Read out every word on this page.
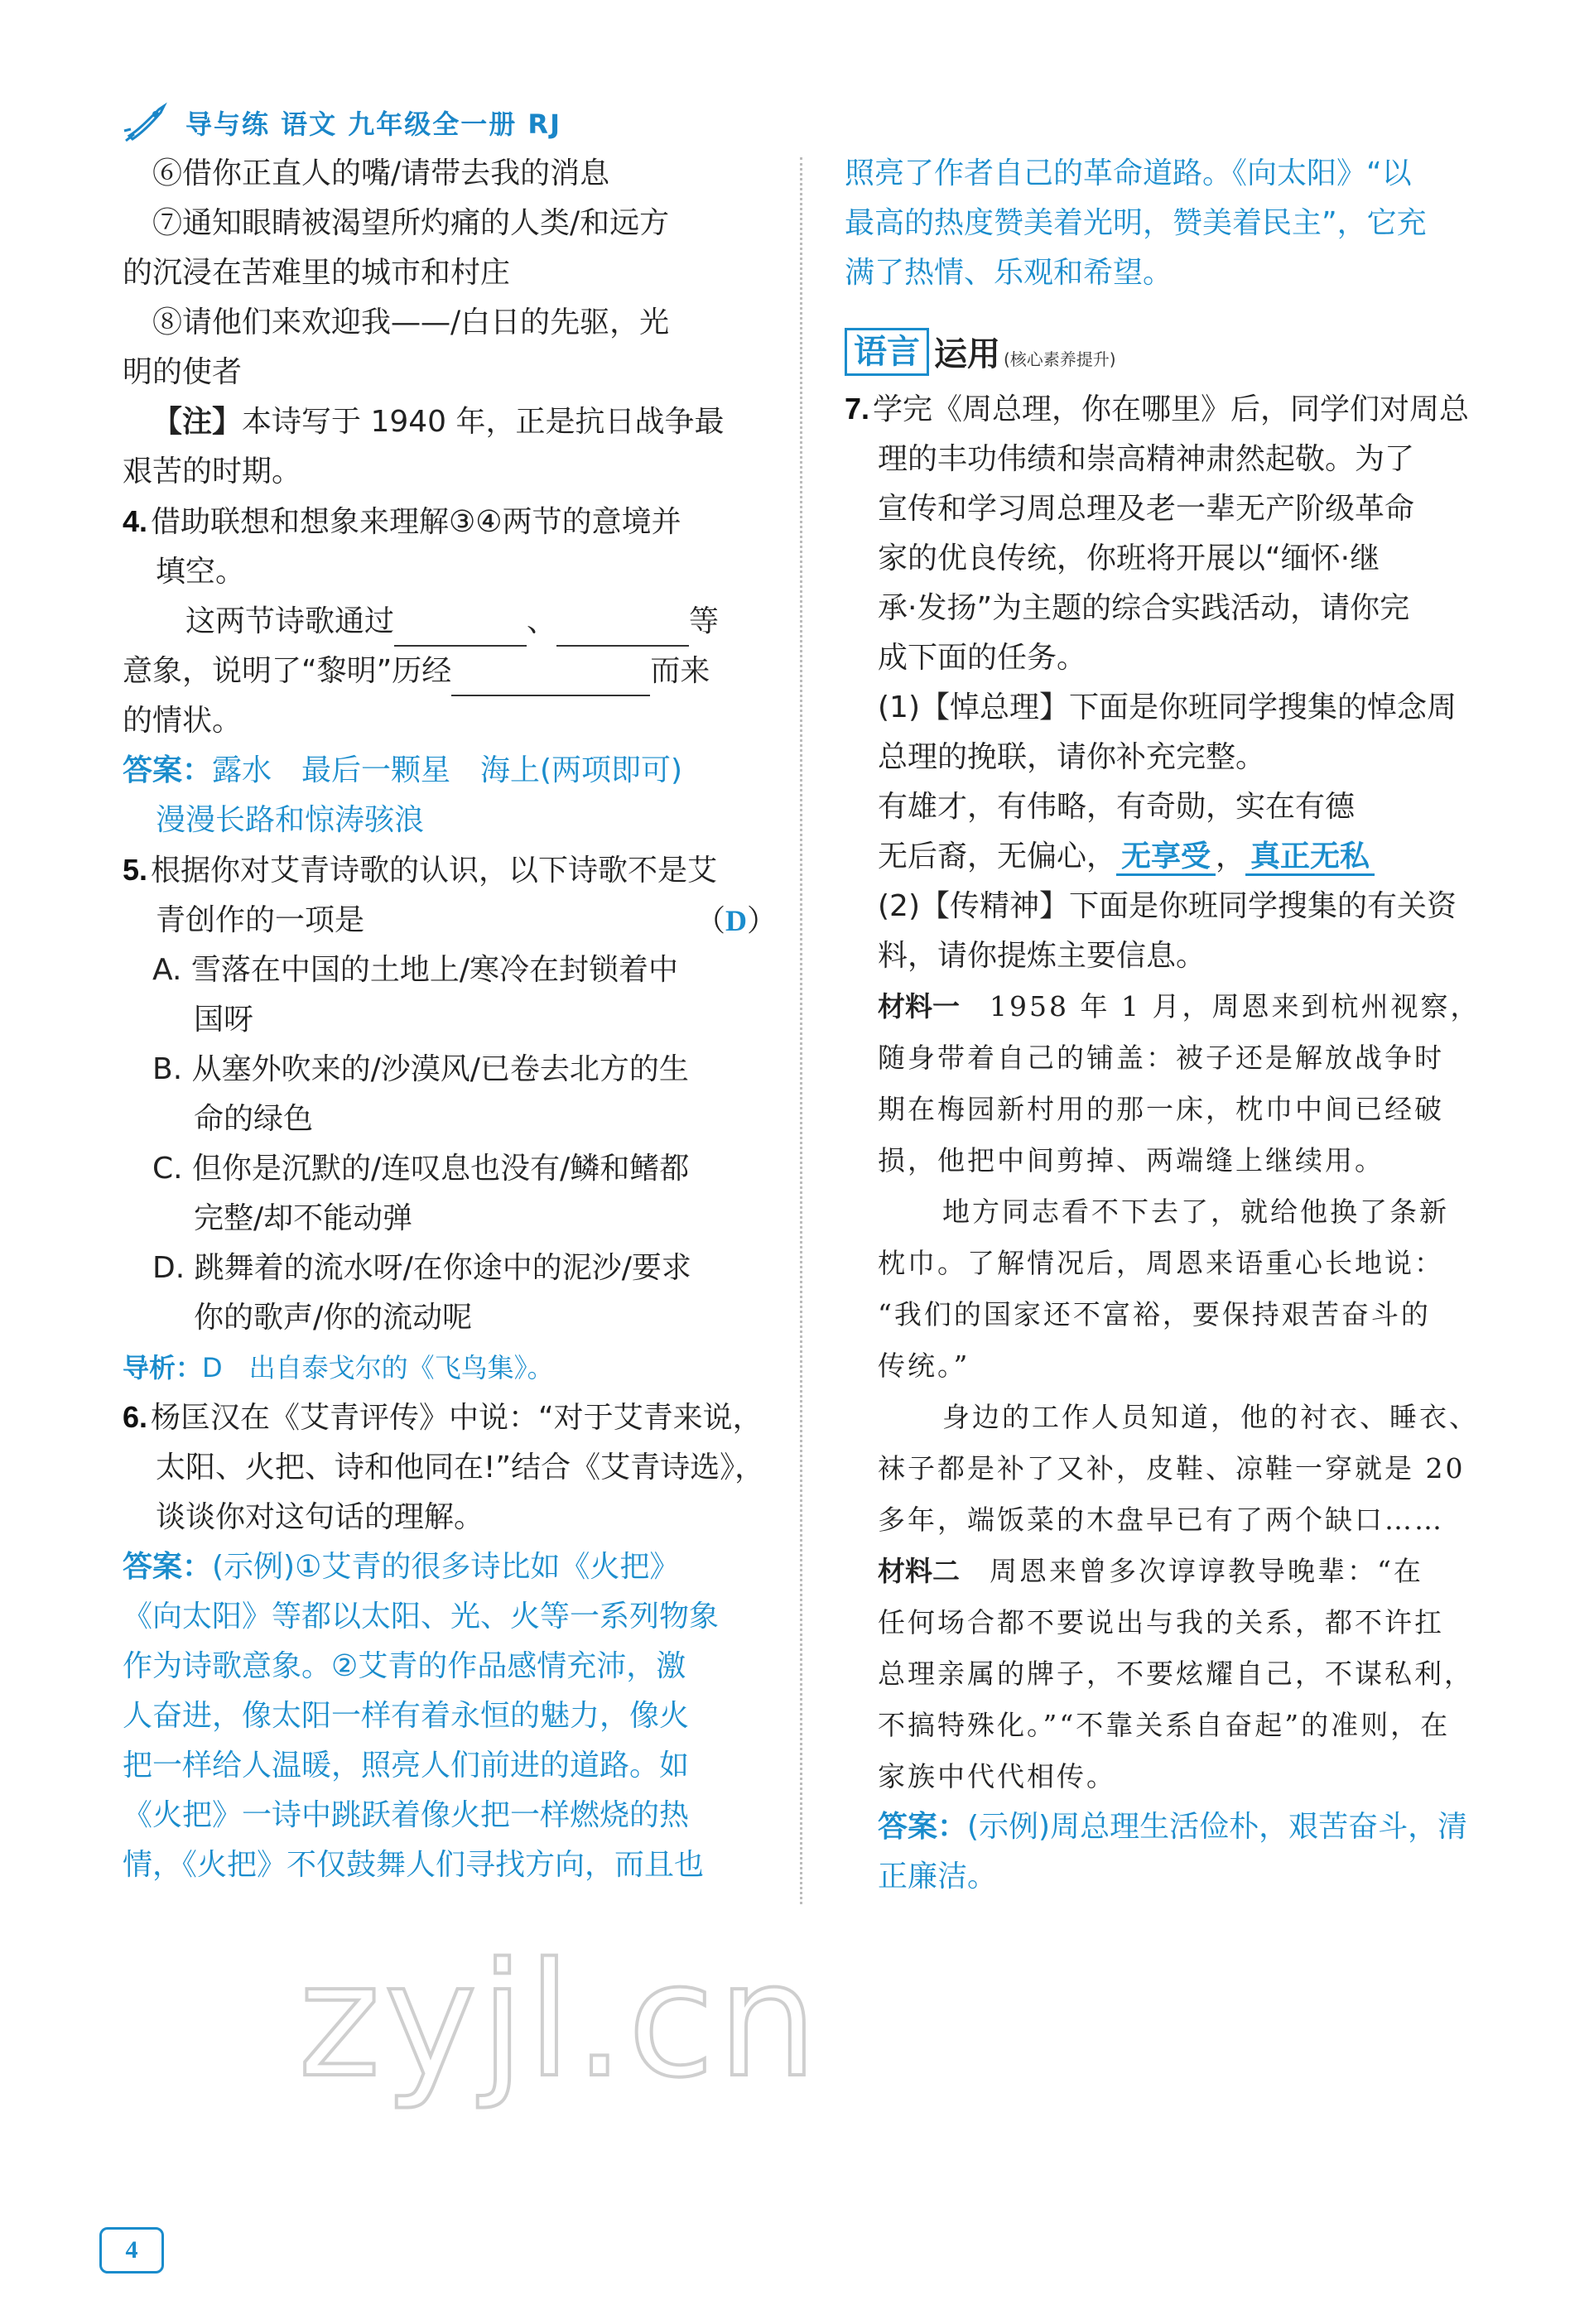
导与练 语文 九年级全一册 RJ
⑥借你正直人的嘴/请带去我的消息
⑦通知眼睛被渴望所灼痛的人类/和远方
的沉浸在苦难里的城市和村庄
⑧请他们来欢迎我——/白日的先驱，光
明的使者
【注】本诗写于 1940 年，正是抗日战争最
艰苦的时期。
4. 借助联想和想象来理解③④两节的意境并
填空。
这两节诗歌通过	、	等
意象，说明了“黎明”历经	而来
的情状。
答案：露水　最后一颗星　海上(两项即可)
漫漫长路和惊涛骇浪
5. 根据你对艾青诗歌的认识，以下诗歌不是艾
青创作的一项是	（D）
A. 雪落在中国的土地上/寒冷在封锁着中
国呀
B. 从塞外吹来的/沙漠风/已卷去北方的生
命的绿色
C. 但你是沉默的/连叹息也没有/鳞和鳍都
完整/却不能动弹
D. 跳舞着的流水呀/在你途中的泥沙/要求
你的歌声/你的流动呢
导析：D　出自泰戈尔的《飞鸟集》。
6. 杨匡汉在《艾青评传》中说：“对于艾青来说，
太阳、火把、诗和他同在!”结合《艾青诗选》，
谈谈你对这句话的理解。
答案：(示例)①艾青的很多诗比如《火把》
《向太阳》等都以太阳、光、火等一系列物象
作为诗歌意象。②艾青的作品感情充沛，激
人奋进，像太阳一样有着永恒的魅力，像火
把一样给人温暖，照亮人们前进的道路。如
《火把》一诗中跳跃着像火把一样燃烧的热
情，《火把》不仅鼓舞人们寻找方向，而且也
照亮了作者自己的革命道路。《向太阳》“以
最高的热度赞美着光明，赞美着民主”，它充
满了热情、乐观和希望。
语言 运用 (核心素养提升)
7. 学完《周总理，你在哪里》后，同学们对周总
理的丰功伟绩和崇高精神肃然起敬。为了
宣传和学习周总理及老一辈无产阶级革命
家的优良传统，你班将开展以“缅怀·继
承·发扬”为主题的综合实践活动，请你完
成下面的任务。
(1)【悼总理】下面是你班同学搜集的悼念周
总理的挽联，请你补充完整。
有雄才，有伟略，有奇勋，实在有德
无后裔，无偏心， 无享受 ， 真正无私
(2)【传精神】下面是你班同学搜集的有关资
料，请你提炼主要信息。
材料一　1958 年 1 月，周恩来到杭州视察，
随身带着自己的铺盖：被子还是解放战争时
期在梅园新村用的那一床，枕巾中间已经破
损，他把中间剪掉、两端缝上继续用。
地方同志看不下去了，就给他换了条新
枕巾。了解情况后，周恩来语重心长地说：
“我们的国家还不富裕，要保持艰苦奋斗的
传统。”
身边的工作人员知道，他的衬衣、睡衣、
袜子都是补了又补，皮鞋、凉鞋一穿就是 20
多年，端饭菜的木盘早已有了两个缺口……
材料二　周恩来曾多次谆谆教导晚辈：“在
任何场合都不要说出与我的关系，都不许扛
总理亲属的牌子，不要炫耀自己，不谋私利，
不搞特殊化。”“不靠关系自奋起”的准则，在
家族中代代相传。
答案：(示例)周总理生活俭朴，艰苦奋斗，清
正廉洁。
zyjl.cn
4
